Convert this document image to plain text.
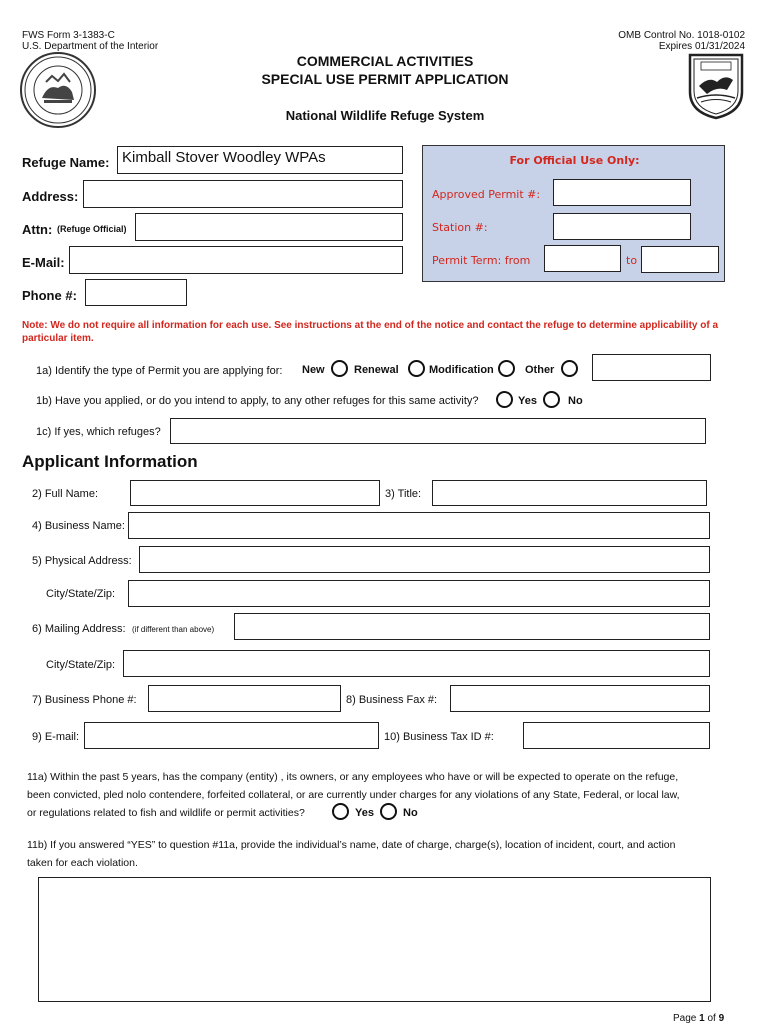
FWS Form 3-1383-C
U.S. Department of the Interior
OMB Control No. 1018-0102
Expires 01/31/2024
COMMERCIAL ACTIVITIES
SPECIAL USE PERMIT APPLICATION
National Wildlife Refuge System
Refuge Name: Kimball Stover Woodley WPAs
Address:
Attn: (Refuge Official)
E-Mail:
Phone #:
For Official Use Only:
Approved Permit #:
Station #:
Permit Term: from	to
Note: We do not require all information for each use. See instructions at the end of the notice and contact the refuge to determine applicability of a particular item.
1a) Identify the type of Permit you are applying for: New	Renewal	Modification	Other
1b) Have you applied, or do you intend to apply, to any other refuges for this same activity?	Yes	No
1c) If yes, which refuges?
Applicant Information
2) Full Name:	3) Title:
4) Business Name:
5) Physical Address:
City/State/Zip:
6) Mailing Address: (if different than above)
City/State/Zip:
7) Business Phone #:	8) Business Fax #:
9) E-mail:	10) Business Tax ID #:
11a) Within the past 5 years, has the company (entity) , its owners, or any employees who have or will be expected to operate on the refuge,
been convicted, pled nolo contendere, forfeited collateral, or are currently under charges for any violations of any State, Federal, or local law,
or regulations related to fish and wildlife or permit activities?	Yes	No
11b) If you answered “YES” to question #11a, provide the individual’s name, date of charge, charge(s), location of incident, court, and action
taken for each violation.
Page 1 of 9
